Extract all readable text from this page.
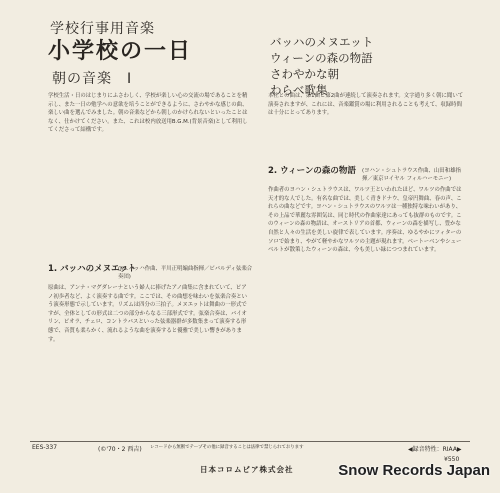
学校行事用音楽
小学校の一日
朝の音楽　I
バッハのメヌエット
ウィーンの森の物語
さわやかな朝
わらべ歌集
学校生活・日のはじまりにふさわしく、学校が楽しい心の交流の場であることを精示し、また一日の勉学への意欲を培うことができるように、さわやかな感じの曲、楽しい曲を選んでみました。朝の音楽などから朝しのかけられないといったことはなく、仕かけてください。また、これは校内放送用B.G.M.(背景音楽)として利用してくださって結構です。
1. バッハのメヌエット
(J.S.バッハ作曲、平川正明編曲指揮／ビバルディ弦楽合奏団)
原曲は、アンナ・マグダレーナという婦人に捧げたアノ曲集に含まれていて、ピアノ初歩者など、よく演奏する曲です。ここでは、その曲想を味わいを弦楽合奏という演奏形態で示しています。リズムは四分の三拍子。メヌエットは舞曲の一形式ですが、全体としての形式は二つの部分からなる三部形式です。弦楽合奏は、バイオリン、ビオラ、チェロ、コントラバスといった弦楽器群が多数集まって演奏する形態で、音質も柔らかく、流れるような曲を演奏すると優雅で美しい響きがあります。
本社との曲は、第1曲と第2曲が連続して演奏されます。文字通り多く朝に聞いて演奏されますが、これには、音楽鑑賞の場に利用されることも考えて、収録時間は十分にとってあります。
2. ウィーンの森の物語 (ヨハン・シュトラウス作曲、山田和雄指揮／東京ロイヤル フィルハーモニー)
作曲者のヨハン・シュトラウスは、ワルツ王といわれたほど、ワルツの作曲では天才的な人でした。有名な曲では、美しく青きドナウ、皇帝円舞曲、春の声、これらの曲などです。ヨハン・シュトラウスのワルツは一種独特な味わいがあり、その上品で華麗な雰囲気は、同じ時代の作曲家達にあっても抜群のものです。このウィーンの森の物語は、オーストリアの首都、ウィーンの森を描写し、豊かな自然と人々の生活を美しい旋律で表しています。序奏は、ゆるやかにツィターのソロで始まり、やがて軽やかなワルツの主題が現れます。ベートーベンやシューベルトが散策したウィーンの森は、今も美しい緑につつまれています。
EES-337	(©'70・2 西吉) レコードから無断でテープその他に録音することは法律で禁じられております	◀録音特性：RIAA▶
¥550
日本コロムビア株式会社	Snow Records Japan
